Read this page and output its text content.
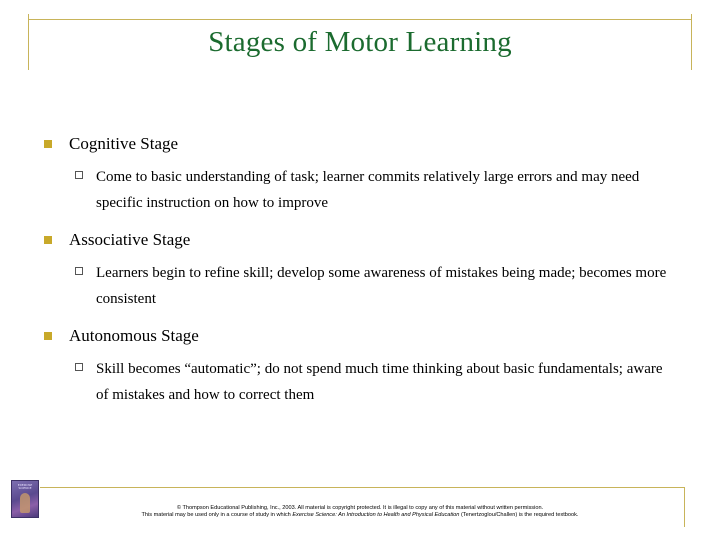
Stages of Motor Learning
Cognitive Stage
Come to basic understanding of task; learner commits relatively large errors and may need specific instruction on how to improve
Associative Stage
Learners begin to refine skill; develop some awareness of mistakes being made; becomes more consistent
Autonomous Stage
Skill becomes “automatic”; do not spend much time thinking about basic fundamentals; aware of mistakes and how to correct them
EXERCISE SCIENCE
© Thompson Educational Publishing, Inc., 2003. All material is copyright protected. It is illegal to copy any of this material without written permission.
This material may be used only in a course of study in which Exercise Science: An Introduction to Health and Physical Education (Tenertzoglou/Challen) is the required textbook.
